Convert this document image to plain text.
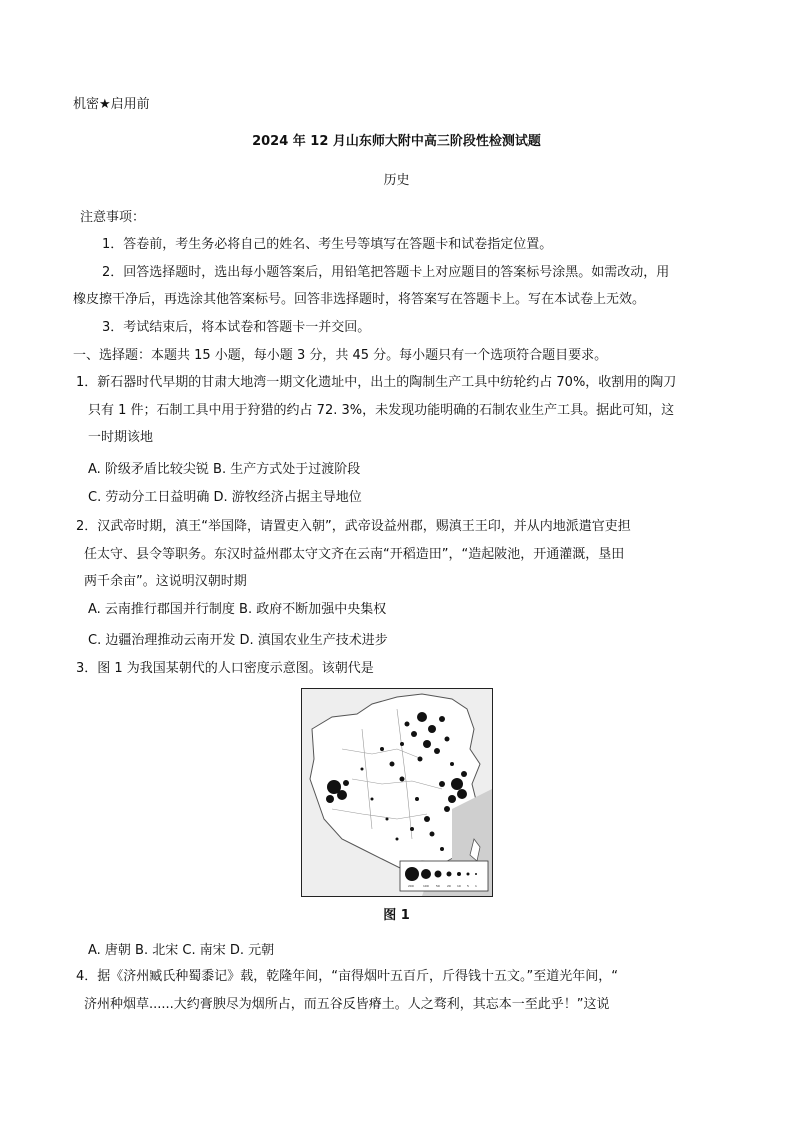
机密★启用前
2024 年 12 月山东师大附中高三阶段性检测试题
历史
注意事项：
1．答卷前，考生务必将自己的姓名、考生号等填写在答题卡和试卷指定位置。
2．回答选择题时，选出每小题答案后，用铅笔把答题卡上对应题目的答案标号涂黑。如需改动，用
橡皮擦干净后，再选涂其他答案标号。回答非选择题时，将答案写在答题卡上。写在本试卷上无效。
3．考试结束后，将本试卷和答题卡一并交回。
一、选择题：本题共 15 小题，每小题 3 分，共 45 分。每小题只有一个选项符合题目要求。
1．新石器时代早期的甘肃大地湾一期文化遗址中，出土的陶制生产工具中纺轮约占 70%，收割用的陶刀
只有 1 件；石制工具中用于狩猎的约占 72. 3%，未发现功能明确的石制农业生产工具。据此可知，这
一时期该地
A. 阶级矛盾比较尖锐 B. 生产方式处于过渡阶段
C. 劳动分工日益明确 D. 游牧经济占据主导地位
2．汉武帝时期，滇王“举国降，请置吏入朝”，武帝设益州郡，赐滇王王印，并从内地派遣官吏担
任太守、县令等职务。东汉时益州郡太守文齐在云南“开稻造田”，“造起陂池，开通灌溉，垦田
两千余亩”。这说明汉朝时期
A. 云南推行郡国并行制度 B. 政府不断加强中央集权
C. 边疆治理推动云南开发 D. 滇国农业生产技术进步
3．图 1 为我国某朝代的人口密度示意图。该朝代是
200	100 50 20 10 5 1
图 1
A. 唐朝 B. 北宋 C. 南宋 D. 元朝
4．据《济州臧氏种蜀黍记》载，乾隆年间，“亩得烟叶五百斤，斤得钱十五文。”至道光年间，“
济州种烟草......大约膏腴尽为烟所占，而五谷反皆瘠土。人之骛利，其忘本一至此乎！”这说
